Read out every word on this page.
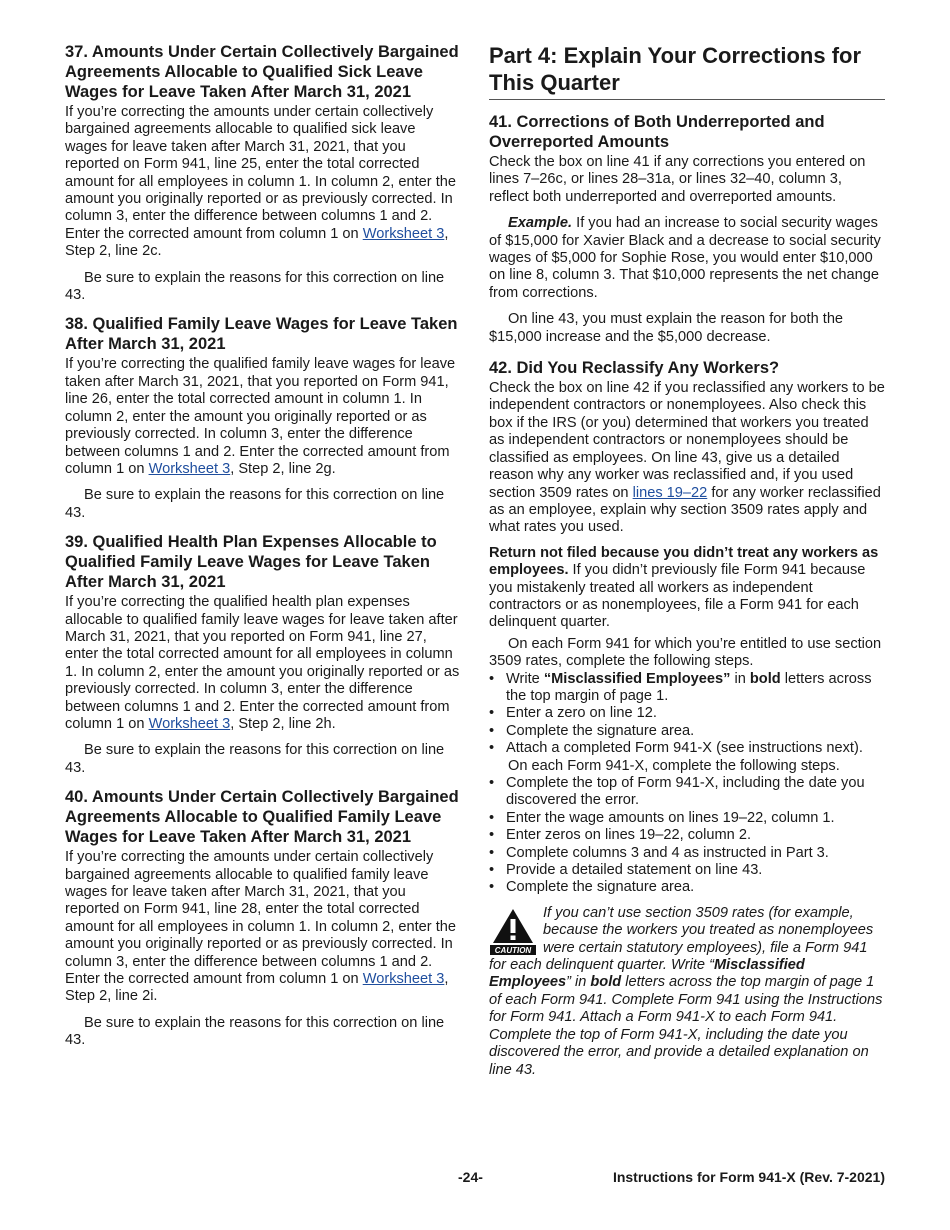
37. Amounts Under Certain Collectively Bargained Agreements Allocable to Qualified Sick Leave Wages for Leave Taken After March 31, 2021

If you’re correcting the amounts under certain collectively bargained agreements allocable to qualified sick leave wages for leave taken after March 31, 2021, that you reported on Form 941, line 25, enter the total corrected amount for all employees in column 1. In column 2, enter the amount you originally reported or as previously corrected. In column 3, enter the difference between columns 1 and 2. Enter the corrected amount from column 1 on Worksheet 3, Step 2, line 2c.

Be sure to explain the reasons for this correction on line 43.

38. Qualified Family Leave Wages for Leave Taken After March 31, 2021

If you’re correcting the qualified family leave wages for leave taken after March 31, 2021, that you reported on Form 941, line 26, enter the total corrected amount in column 1. In column 2, enter the amount you originally reported or as previously corrected. In column 3, enter the difference between columns 1 and 2. Enter the corrected amount from column 1 on Worksheet 3, Step 2, line 2g.

Be sure to explain the reasons for this correction on line 43.

39. Qualified Health Plan Expenses Allocable to Qualified Family Leave Wages for Leave Taken After March 31, 2021

If you’re correcting the qualified health plan expenses allocable to qualified family leave wages for leave taken after March 31, 2021, that you reported on Form 941, line 27, enter the total corrected amount for all employees in column 1. In column 2, enter the amount you originally reported or as previously corrected. In column 3, enter the difference between columns 1 and 2. Enter the corrected amount from column 1 on Worksheet 3, Step 2, line 2h.

Be sure to explain the reasons for this correction on line 43.

40. Amounts Under Certain Collectively Bargained Agreements Allocable to Qualified Family Leave Wages for Leave Taken After March 31, 2021

If you’re correcting the amounts under certain collectively bargained agreements allocable to qualified family leave wages for leave taken after March 31, 2021, that you reported on Form 941, line 28, enter the total corrected amount for all employees in column 1. In column 2, enter the amount you originally reported or as previously corrected. In column 3, enter the difference between columns 1 and 2. Enter the corrected amount from column 1 on Worksheet 3, Step 2, line 2i.

Be sure to explain the reasons for this correction on line 43.

Part 4: Explain Your Corrections for This Quarter
41. Corrections of Both Underreported and Overreported Amounts

Check the box on line 41 if any corrections you entered on lines 7–26c, or lines 28–31a, or lines 32–40, column 3, reflect both underreported and overreported amounts.

Example. If you had an increase to social security wages of $15,000 for Xavier Black and a decrease to social security wages of $5,000 for Sophie Rose, you would enter $10,000 on line 8, column 3. That $10,000 represents the net change from corrections.

On line 43, you must explain the reason for both the $15,000 increase and the $5,000 decrease.

42. Did You Reclassify Any Workers?

Check the box on line 42 if you reclassified any workers to be independent contractors or nonemployees. Also check this box if the IRS (or you) determined that workers you treated as independent contractors or nonemployees should be classified as employees. On line 43, give us a detailed reason why any worker was reclassified and, if you used section 3509 rates on lines 19–22 for any worker reclassified as an employee, explain why section 3509 rates apply and what rates you used.

Return not filed because you didn’t treat any workers as employees. If you didn’t previously file Form 941 because you mistakenly treated all workers as independent contractors or as nonemployees, file a Form 941 for each delinquent quarter.

On each Form 941 for which you’re entitled to use section 3509 rates, complete the following steps.

• Write “Misclassified Employees” in bold letters across the top margin of page 1.
• Enter a zero on line 12.
• Complete the signature area.
• Attach a completed Form 941-X (see instructions next).

On each Form 941-X, complete the following steps.

• Complete the top of Form 941-X, including the date you discovered the error.
• Enter the wage amounts on lines 19–22, column 1.
• Enter zeros on lines 19–22, column 2.
• Complete columns 3 and 4 as instructed in Part 3.
• Provide a detailed statement on line 43.
• Complete the signature area.
CAUTION
If you can’t use section 3509 rates (for example, because the workers you treated as nonemployees were certain statutory employees), file a Form 941 for each delinquent quarter. Write “Misclassified Employees” in bold letters across the top margin of page 1 of each Form 941. Complete Form 941 using the Instructions for Form 941. Attach a Form 941-X to each Form 941. Complete the top of Form 941-X, including the date you discovered the error, and provide a detailed explanation on line 43.
-24-	Instructions for Form 941-X (Rev. 7-2021)
